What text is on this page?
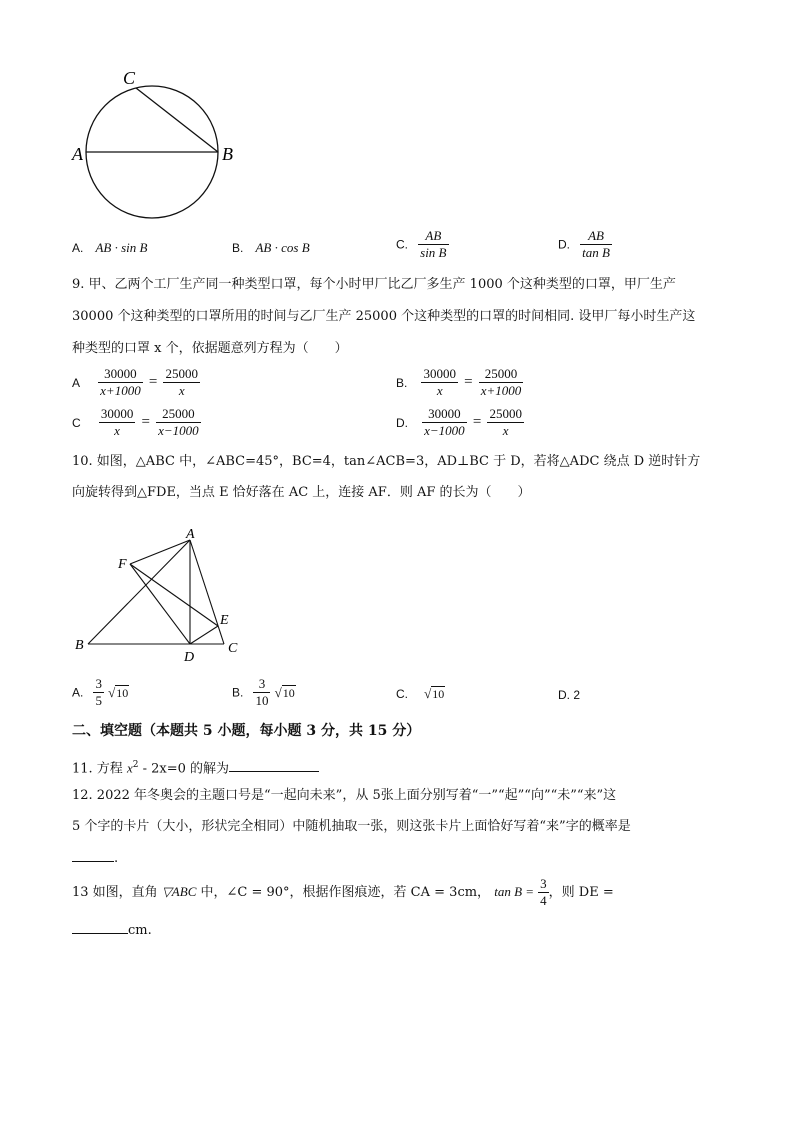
C
A	B
A. AB · sin B	B. AB · cos B	C. $\frac{AB}{\text{sin B}}$	D. $\frac{AB}{\text{tan B}}$
9. 甲、乙两个工厂生产同一种类型口罩，每个小时甲厂比乙厂多生产 1000 个这种类型的口罩，甲厂生产
30000 个这种类型的口罩所用的时间与乙厂生产 25000 个这种类型的口罩的时间相同. 设甲厂每小时生产这
种类型的口罩 x 个，依据题意列方程为（　　）
A $\frac{30000}{x+1000} = \frac{25000}{x}$	B. $\frac{30000}{x} = \frac{25000}{x+1000}$
C $\frac{30000}{x} = \frac{25000}{x-1000}$	D. $\frac{30000}{x-1000} = \frac{25000}{x}$
10. 如图，△ABC 中，∠ABC=45°，BC=4，tan∠ACB=3，AD⊥BC 于 D，若将△ADC 绕点 D 逆时针方
向旋转得到△FDE，当点 E 恰好落在 AC 上，连接 AF．则 AF 的长为（　　）
A
F
E
B
D
C
A. $\frac{3}{5} √10$	B. $\frac{3}{10} √10$	C. √10	D. 2
二、填空题（本题共 5 小题，每小题 3 分，共 15 分）
11. 方程 $x^2 - 2x=0$ 的解为
12. 2022 年冬奥会的主题口号是“一起向未来”，从 5张上面分别写着“一”“起”“向”“未”“来”这
5 个字的卡片（大小，形状完全相同）中随机抽取一张，则这张卡片上面恰好写着“来”字的概率是
.
13 如图，直角 ▽ABC 中，∠C = 90°，根据作图痕迹，若 CA = 3cm， $\tan B = \frac{3}{4}$ ，则 DE =
cm.
